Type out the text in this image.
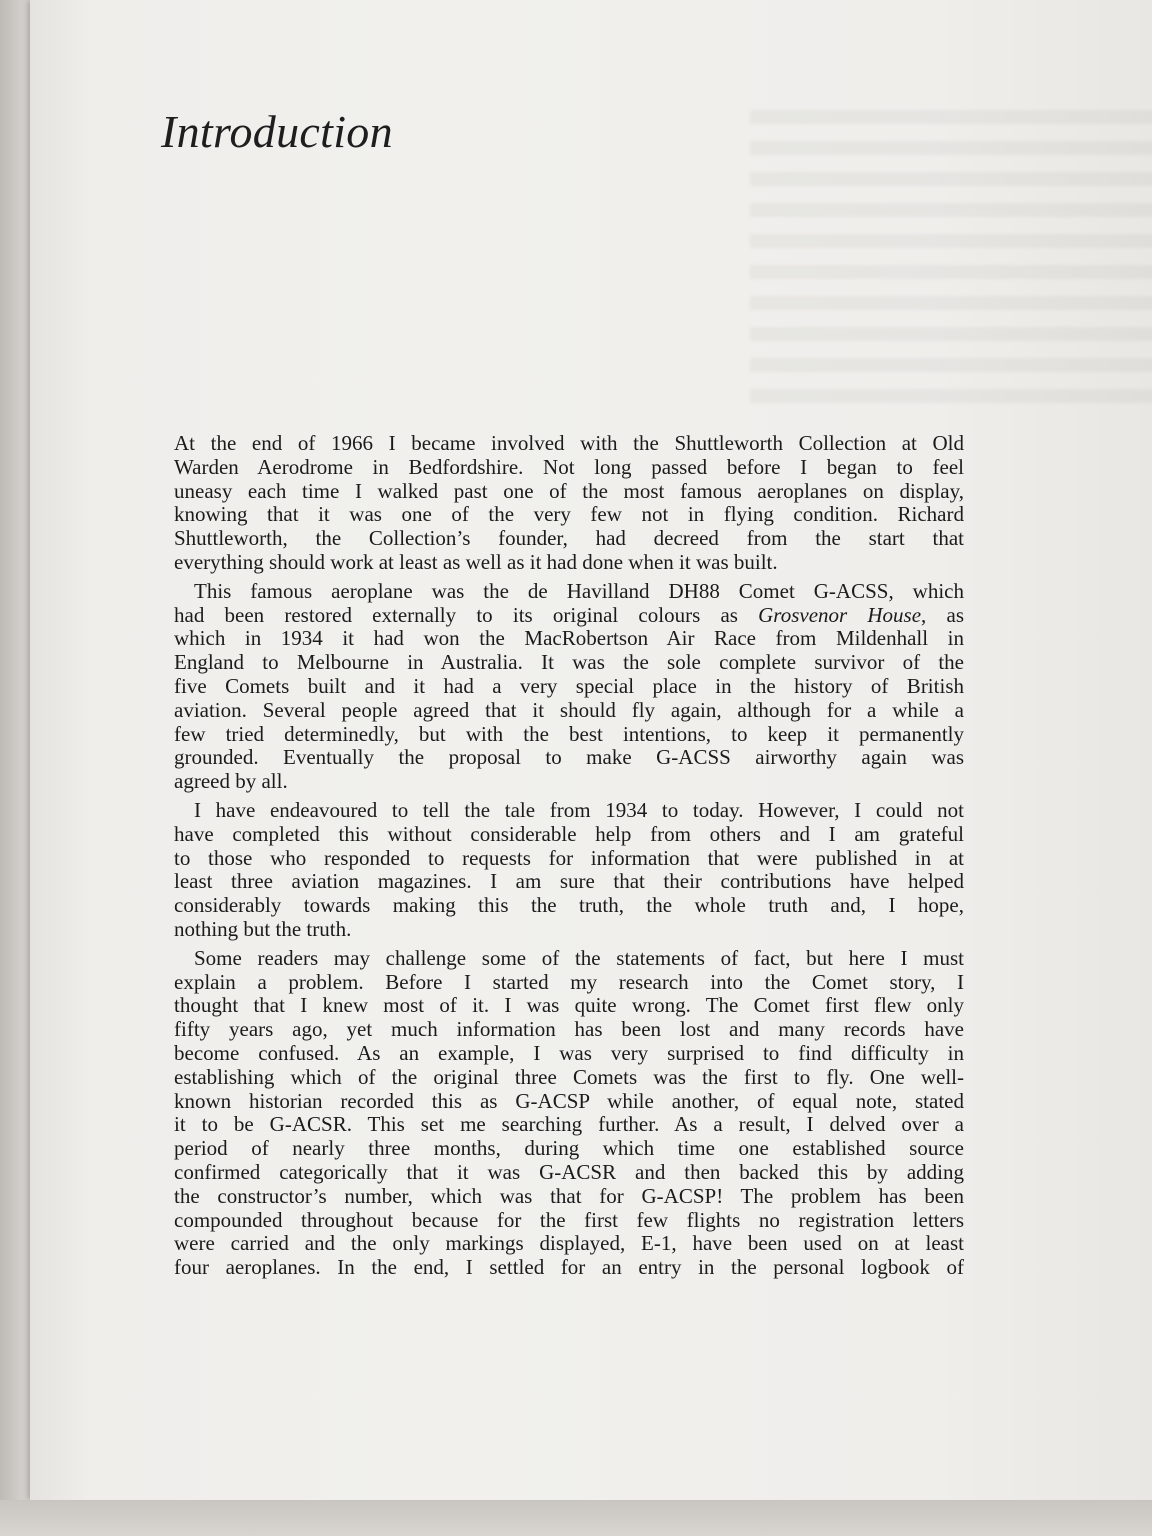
Introduction
At the end of 1966 I became involved with the Shuttleworth Collection at Old
Warden Aerodrome in Bedfordshire. Not long passed before I began to feel
uneasy each time I walked past one of the most famous aeroplanes on display,
knowing that it was one of the very few not in flying condition. Richard
Shuttleworth, the Collection’s founder, had decreed from the start that
everything should work at least as well as it had done when it was built.
This famous aeroplane was the de Havilland DH88 Comet G-ACSS, which
had been restored externally to its original colours as Grosvenor House, as
which in 1934 it had won the MacRobertson Air Race from Mildenhall in
England to Melbourne in Australia. It was the sole complete survivor of the
five Comets built and it had a very special place in the history of British
aviation. Several people agreed that it should fly again, although for a while a
few tried determinedly, but with the best intentions, to keep it permanently
grounded. Eventually the proposal to make G-ACSS airworthy again was
agreed by all.
I have endeavoured to tell the tale from 1934 to today. However, I could not
have completed this without considerable help from others and I am grateful
to those who responded to requests for information that were published in at
least three aviation magazines. I am sure that their contributions have helped
considerably towards making this the truth, the whole truth and, I hope,
nothing but the truth.
Some readers may challenge some of the statements of fact, but here I must
explain a problem. Before I started my research into the Comet story, I
thought that I knew most of it. I was quite wrong. The Comet first flew only
fifty years ago, yet much information has been lost and many records have
become confused. As an example, I was very surprised to find difficulty in
establishing which of the original three Comets was the first to fly. One well-
known historian recorded this as G-ACSP while another, of equal note, stated
it to be G-ACSR. This set me searching further. As a result, I delved over a
period of nearly three months, during which time one established source
confirmed categorically that it was G-ACSR and then backed this by adding
the constructor’s number, which was that for G-ACSP! The problem has been
compounded throughout because for the first few flights no registration letters
were carried and the only markings displayed, E-1, have been used on at least
four aeroplanes. In the end, I settled for an entry in the personal logbook of
